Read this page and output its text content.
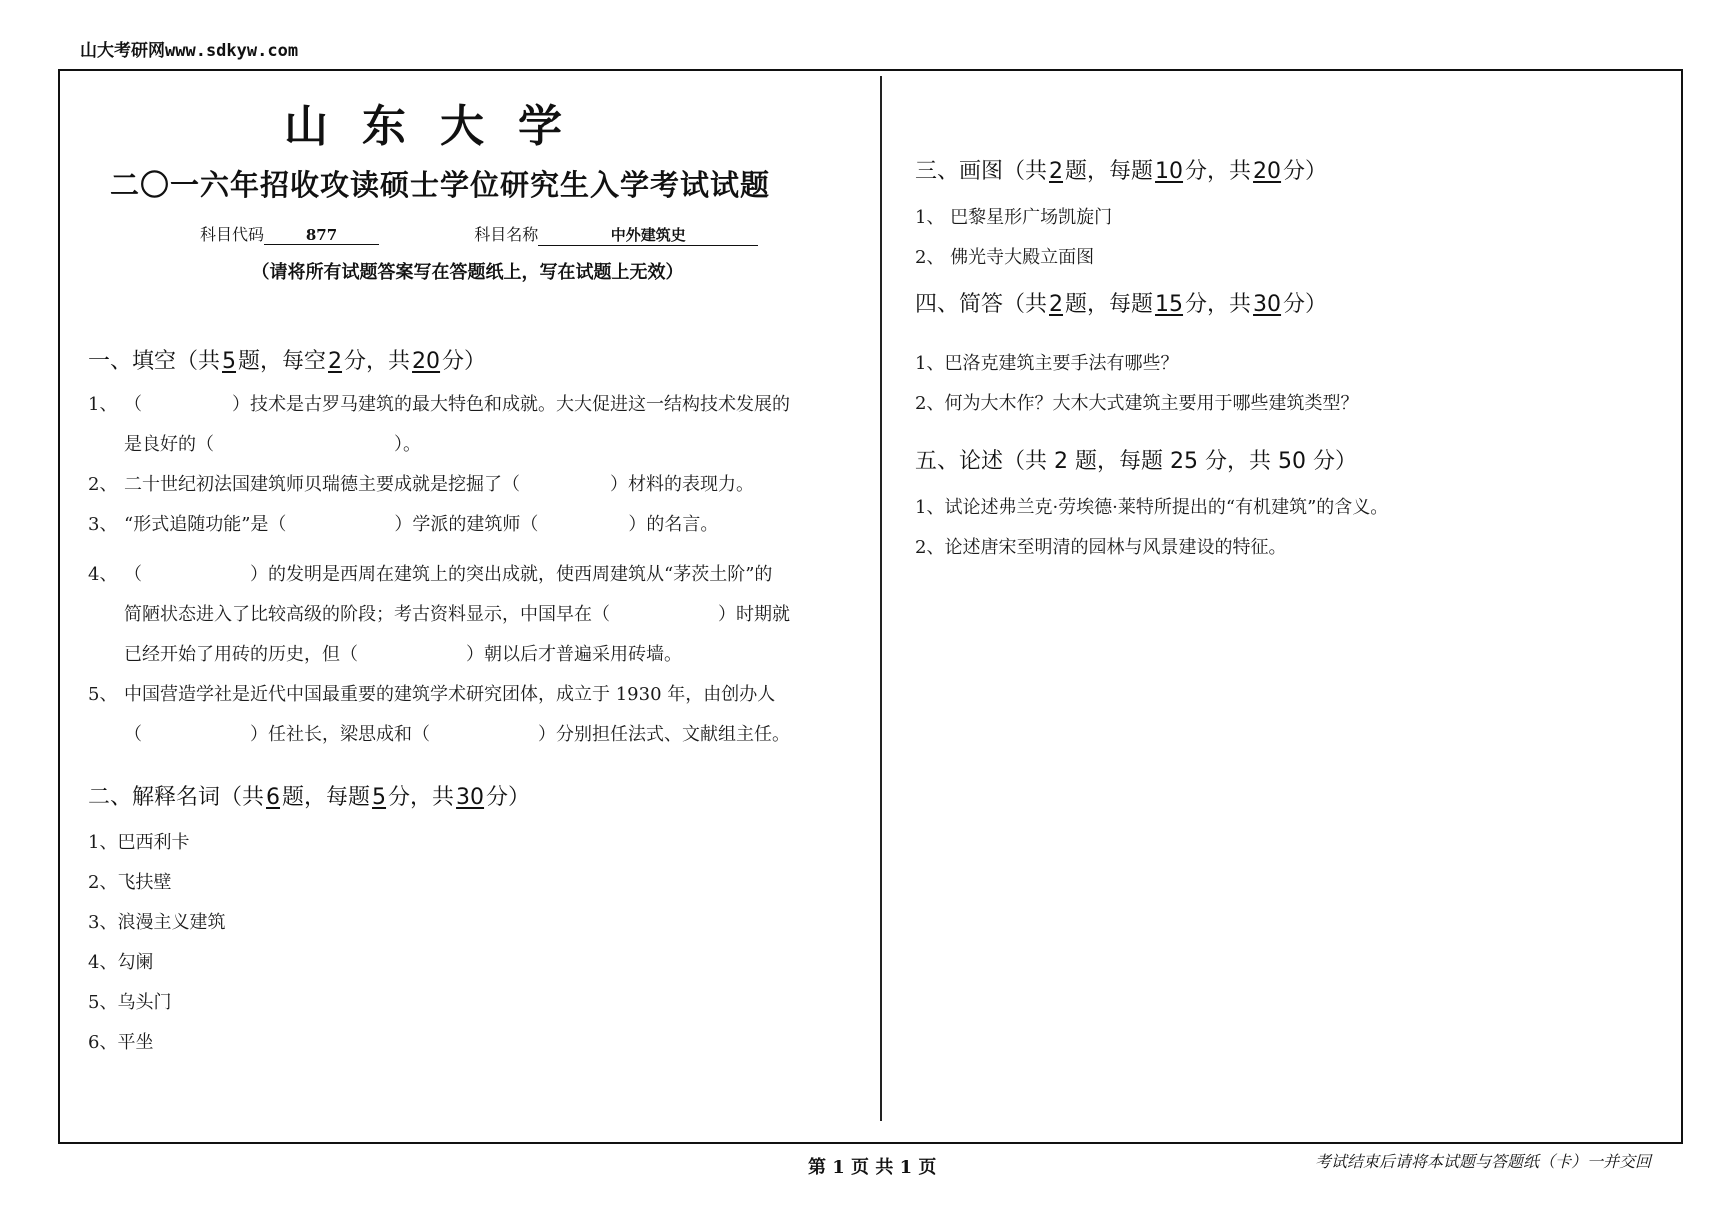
山大考研网www.sdkyw.com
山东大学
二〇一六年招收攻读硕士学位研究生入学考试试题
科目代码	877	科目名称	中外建筑史
（请将所有试题答案写在答题纸上，写在试题上无效）
一、填空（共5题，每空2分，共20分）
1、 （　　　　　）技术是古罗马建筑的最大特色和成就。大大促进这一结构技术发展的
是良好的（　　　　　　　　　　）。
2、 二十世纪初法国建筑师贝瑞德主要成就是挖掘了（　　　　　）材料的表现力。
3、 “形式追随功能”是（　　　　　　）学派的建筑师（　　　　　）的名言。
4、 （　　　　　　）的发明是西周在建筑上的突出成就，使西周建筑从“茅茨土阶”的
简陋状态进入了比较高级的阶段；考古资料显示，中国早在（　　　　　　）时期就
已经开始了用砖的历史，但（　　　　　　）朝以后才普遍采用砖墙。
5、 中国营造学社是近代中国最重要的建筑学术研究团体，成立于 1930 年，由创办人
（　　　　　　）任社长，梁思成和（　　　　　　）分别担任法式、文献组主任。
二、解释名词（共6题，每题5分，共30分）
1、巴西利卡
2、飞扶壁
3、浪漫主义建筑
4、勾阑
5、乌头门
6、平坐
三、画图（共2题，每题10分，共20分）
1、 巴黎星形广场凯旋门
2、 佛光寺大殿立面图
四、简答（共2题，每题15分，共30分）
1、巴洛克建筑主要手法有哪些？
2、何为大木作？大木大式建筑主要用于哪些建筑类型？
五、论述（共 2 题，每题 25 分，共 50 分）
1、试论述弗兰克·劳埃德·莱特所提出的“有机建筑”的含义。
2、论述唐宋至明清的园林与风景建设的特征。
第 1 页 共 1 页	考试结束后请将本试题与答题纸（卡）一并交回
